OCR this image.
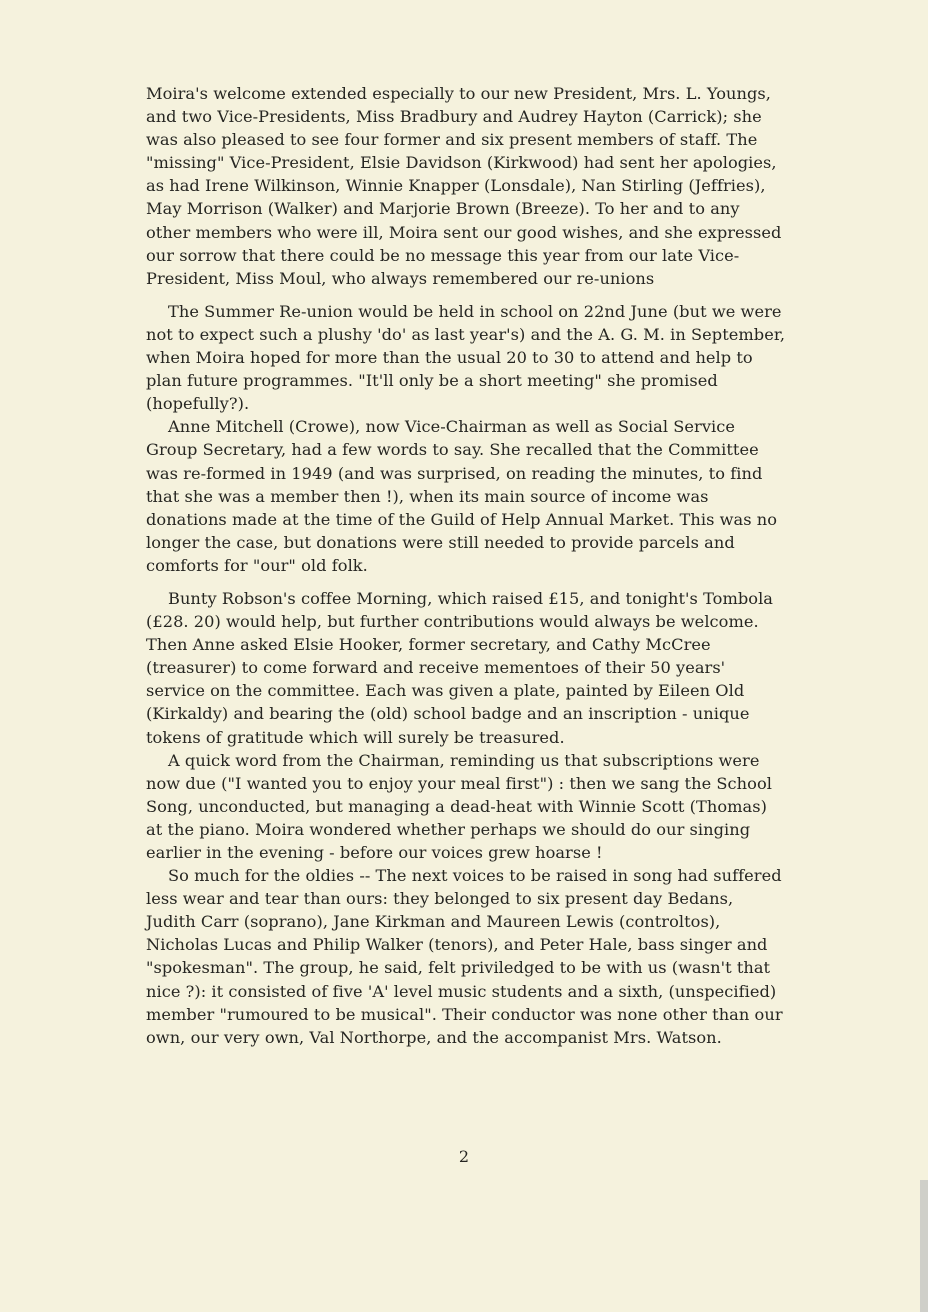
Moira's welcome extended especially to our new President, Mrs. L. Youngs, and two Vice-Presidents, Miss Bradbury and Audrey Hayton (Carrick); she was also pleased to see four former and six present members of staff. The "missing" Vice-President, Elsie Davidson (Kirkwood) had sent her apologies, as had Irene Wilkinson, Winnie Knapper (Lonsdale), Nan Stirling (Jeffries), May Morrison (Walker) and Marjorie Brown (Breeze). To her and to any other members who were ill, Moira sent our good wishes, and she expressed our sorrow that there could be no message this year from our late Vice-President, Miss Moul, who always remembered our re-unions

The Summer Re-union would be held in school on 22nd June (but we were not to expect such a plushy 'do' as last year's) and the A. G. M. in September, when Moira hoped for more than the usual 20 to 30 to attend and help to plan future programmes. "It'll only be a short meeting" she promised (hopefully?).

Anne Mitchell (Crowe), now Vice-Chairman as well as Social Service Group Secretary, had a few words to say. She recalled that the Committee was re-formed in 1949 (and was surprised, on reading the minutes, to find that she was a member then !), when its main source of income was donations made at the time of the Guild of Help Annual Market. This was no longer the case, but donations were still needed to provide parcels and comforts for "our" old folk.

Bunty Robson's coffee Morning, which raised £15, and tonight's Tombola (£28. 20) would help, but further contributions would always be welcome. Then Anne asked Elsie Hooker, former secretary, and Cathy McCree (treasurer) to come forward and receive mementoes of their 50 years' service on the committee. Each was given a plate, painted by Eileen Old (Kirkaldy) and bearing the (old) school badge and an inscription - unique tokens of gratitude which will surely be treasured.

A quick word from the Chairman, reminding us that subscriptions were now due ("I wanted you to enjoy your meal first") : then we sang the School Song, unconducted, but managing a dead-heat with Winnie Scott (Thomas) at the piano. Moira wondered whether perhaps we should do our singing earlier in the evening - before our voices grew hoarse !

So much for the oldies -- The next voices to be raised in song had suffered less wear and tear than ours: they belonged to six present day Bedans, Judith Carr (soprano), Jane Kirkman and Maureen Lewis (controltos), Nicholas Lucas and Philip Walker (tenors), and Peter Hale, bass singer and "spokesman". The group, he said, felt priviledged to be with us (wasn't that nice ?): it consisted of five 'A' level music students and a sixth, (unspecified) member "rumoured to be musical". Their conductor was none other than our own, our very own, Val Northorpe, and the accompanist Mrs. Watson.

2
